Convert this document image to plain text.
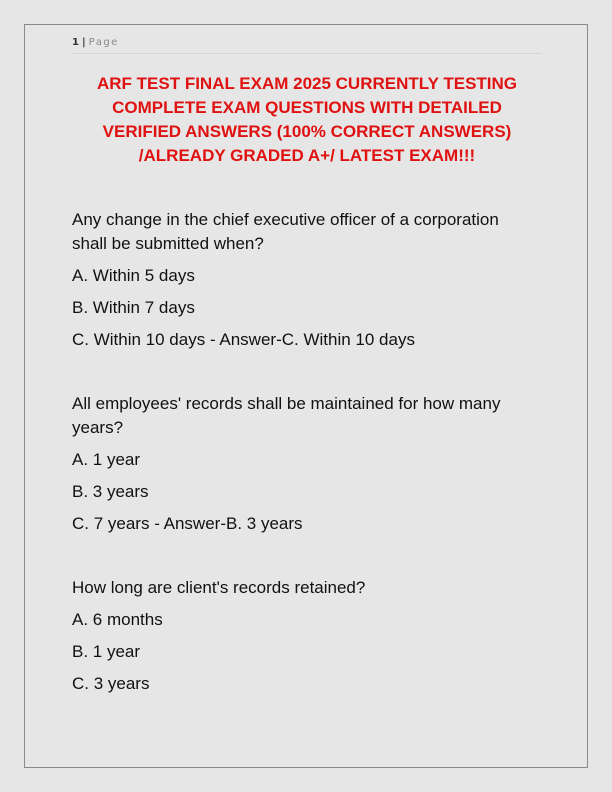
1 | Page
ARF TEST FINAL EXAM 2025 CURRENTLY TESTING
COMPLETE EXAM QUESTIONS WITH DETAILED
VERIFIED ANSWERS (100% CORRECT ANSWERS)
/ALREADY GRADED A+/ LATEST EXAM!!!
Any change in the chief executive officer of a corporation
shall be submitted when?
A. Within 5 days
B. Within 7 days
C. Within 10 days - Answer-C. Within 10 days
All employees' records shall be maintained for how many
years?
A. 1 year
B. 3 years
C. 7 years - Answer-B. 3 years
How long are client's records retained?
A. 6 months
B. 1 year
C. 3 years
